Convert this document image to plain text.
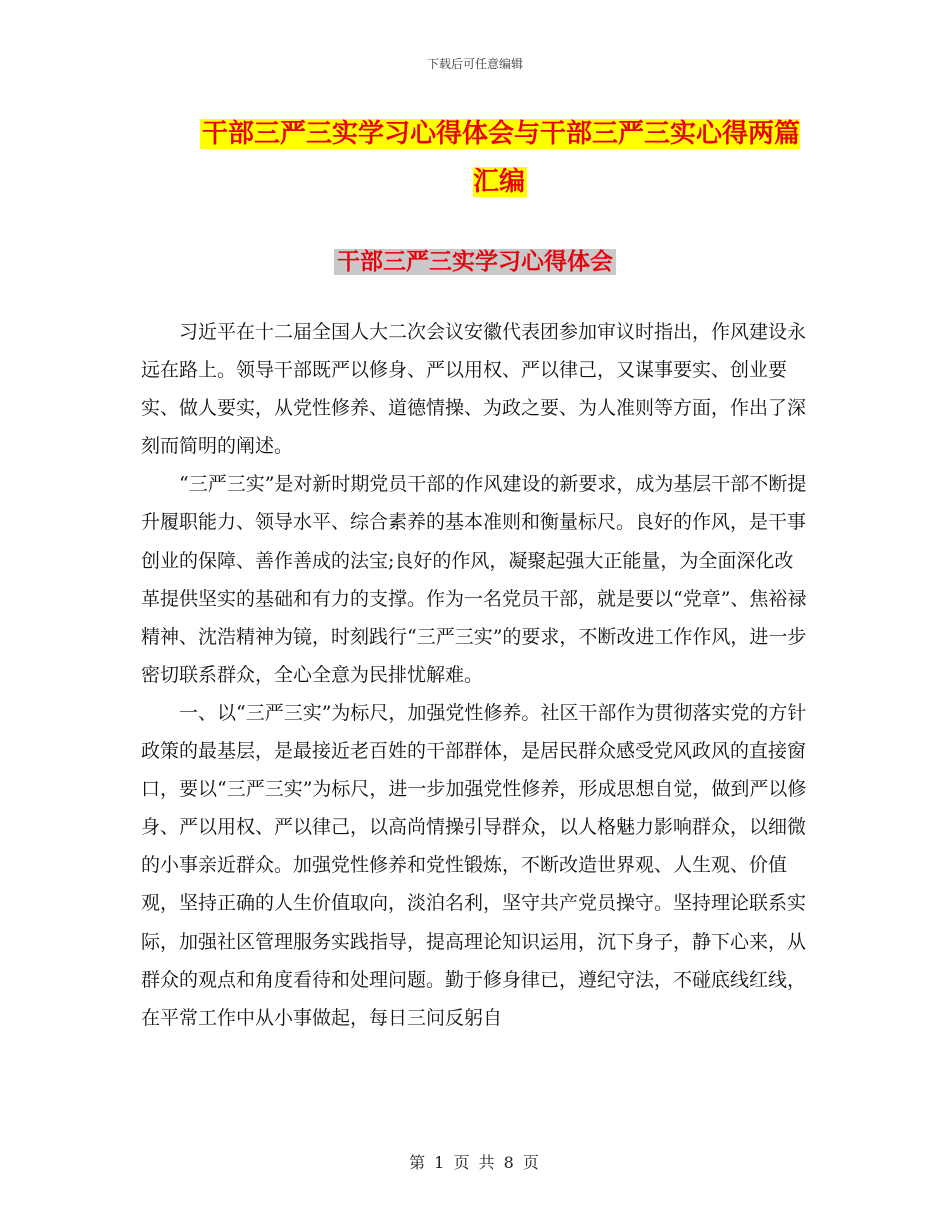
下载后可任意编辑
干部三严三实学习心得体会与干部三严三实心得两篇汇编
干部三严三实学习心得体会

习近平在十二届全国人大二次会议安徽代表团参加审议时指出，作风建设永远在路上。领导干部既严以修身、严以用权、严以律己，又谋事要实、创业要实、做人要实，从党性修养、道德情操、为政之要、为人准则等方面，作出了深刻而简明的阐述。

“三严三实”是对新时期党员干部的作风建设的新要求，成为基层干部不断提升履职能力、领导水平、综合素养的基本准则和衡量标尺。良好的作风，是干事创业的保障、善作善成的法宝;良好的作风，凝聚起强大正能量，为全面深化改革提供坚实的基础和有力的支撑。作为一名党员干部，就是要以“党章”、焦裕禄精神、沈浩精神为镜，时刻践行“三严三实”的要求，不断改进工作作风，进一步密切联系群众，全心全意为民排忧解难。

一、以“三严三实”为标尺，加强党性修养。社区干部作为贯彻落实党的方针政策的最基层，是最接近老百姓的干部群体，是居民群众感受党风政风的直接窗口，要以“三严三实”为标尺，进一步加强党性修养，形成思想自觉，做到严以修身、严以用权、严以律己，以高尚情操引导群众，以人格魅力影响群众，以细微的小事亲近群众。加强党性修养和党性锻炼，不断改造世界观、人生观、价值观，坚持正确的人生价值取向，淡泊名利，坚守共产党员操守。坚持理论联系实际，加强社区管理服务实践指导，提高理论知识运用，沉下身子，静下心来，从群众的观点和角度看待和处理问题。勤于修身律已，遵纪守法，不碰底线红线，在平常工作中从小事做起，每日三问反躬自

第 1 页 共 8 页
